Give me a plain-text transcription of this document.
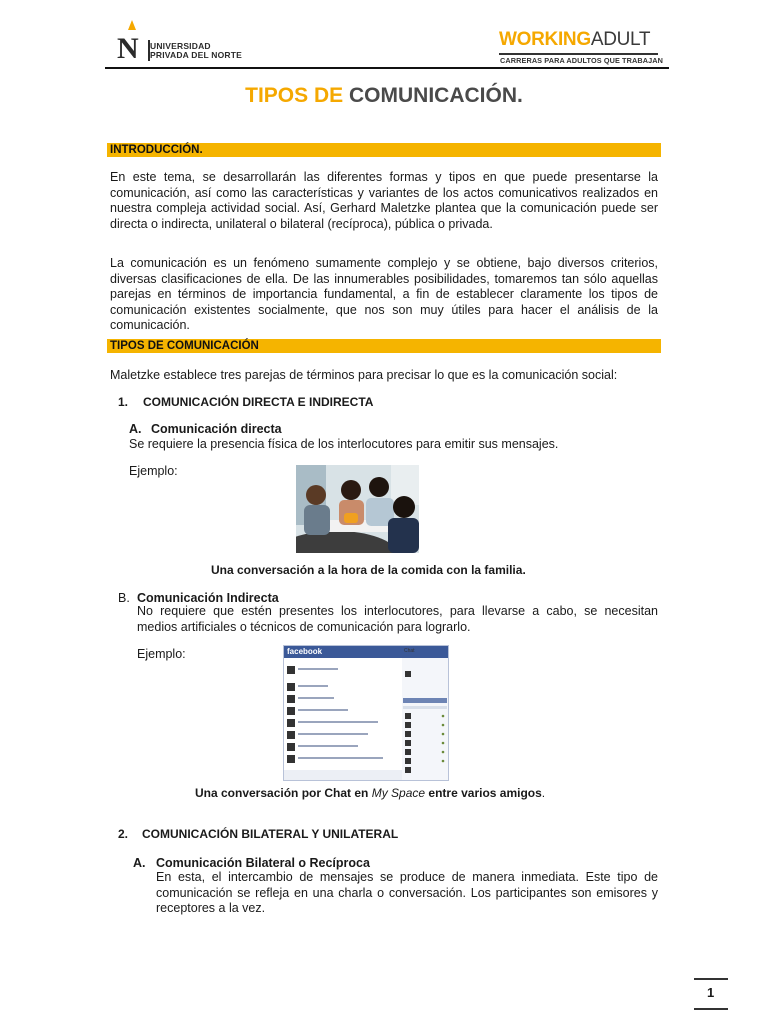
N UNIVERSIDAD
PRIVADA DEL NORTE
WORKINGADULT
CARRERAS PARA ADULTOS QUE TRABAJAN
TIPOS DE COMUNICACIÓN.
INTRODUCCIÓN.
En este tema, se desarrollarán las diferentes formas y tipos en que puede presentarse la comunicación, así como las características y variantes de los actos comunicativos realizados en nuestra compleja actividad social. Así, Gerhard Maletzke plantea que la comunicación puede ser directa o indirecta, unilateral o bilateral (recíproca), pública o privada.
La comunicación es un fenómeno sumamente complejo y se obtiene, bajo diversos criterios, diversas clasificaciones de ella. De las innumerables posibilidades, tomaremos tan sólo aquellas parejas en términos de importancia fundamental, a fin de establecer claramente los tipos de comunicación existentes socialmente, que nos son muy útiles para hacer el análisis de la comunicación.
TIPOS DE COMUNICACIÓN
Maletzke establece tres parejas de términos para precisar lo que es la comunicación social:
1. COMUNICACIÓN DIRECTA E INDIRECTA
A. Comunicación directa
Se requiere la presencia física de los interlocutores para emitir sus mensajes.
Ejemplo:
Una conversación a la hora de la comida con la familia.
B. Comunicación Indirecta
No requiere que estén presentes los interlocutores, para llevarse a cabo, se necesitan
medios artificiales o técnicos de comunicación para lograrlo.
Ejemplo:	facebook	Chat
Una conversación por Chat en My Space entre varios amigos.
2. COMUNICACIÓN BILATERAL Y UNILATERAL
A. Comunicación Bilateral o Recíproca
En esta, el intercambio de mensajes se produce de manera inmediata. Este tipo de
comunicación se refleja en una charla o conversación. Los participantes son emisores y
receptores a la vez.
1
